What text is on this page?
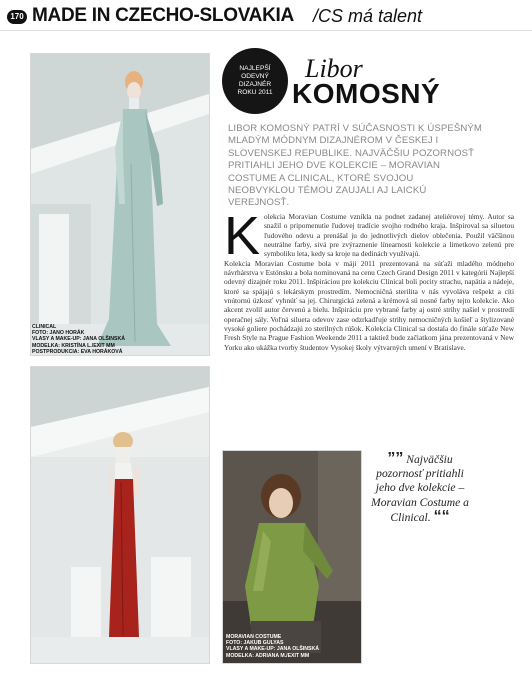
170 MADE IN CZECHO-SLOVAKIA /CS má talent
CLINICAL
FOTO: JANO HORÁK
VLASY A MAKE-UP: JANA OLŠINSKÁ
MODELKA: KRISTÍNA L./EXIT MM
POSTPRODUKCIA: EVA HORÁKOVÁ
NAJLEPŠÍ ODEVNÝ DIZAJNÉR ROKU 2011
Libor
KOMOSNÝ
LIBOR KOMOSNÝ PATRÍ V SÚČASNOSTI K ÚSPEŠNÝM MLADÝM MÓDNYM DIZAJNÉROM V ČESKEJ I SLOVENSKEJ REPUBLIKE. NAJVÄČŠIU POZORNOSŤ PRITIAHLI JEHO DVE KOLEKCIE – MORAVIAN COSTUME A CLINICAL, KTORÉ SVOJOU NEOBVYKLOU TÉMOU ZAUJALI AJ LAICKÚ VEREJNOSŤ.
K olekcia Moravian Costume vznikla na podnet zadanej ateliérovej témy. Autor sa snažil o pripomenutie ľudovej tradície svojho rodného kraja. Inšpiroval sa siluetou ľudového odevu a prenášal ju do jednotlivých dielov oblečenia. Použil väčšinou neutrálne farby, sivá pre zvýraznenie línearnosti kolekcie a limetkovo zelenú pre symboliku leta, kedy sa kroje na dedinách využívajú.

Kolekcia Moravian Costume bola v máji 2011 prezentovaná na súťaži mladého módneho návrhárstva v Estónsku a bola nominovaná na cenu Czech Grand Design 2011 v kategórii Najlepší odevný dizajnér roku 2011. Inšpiráciou pre kolekciu Clinical boli pocity strachu, napätia a nádeje, ktoré sa spájajú s lekárskym prostredím. Nemocničná sterilita v nás vyvoláva rešpekt a cíti vnútornú úzkosť vyhnúť sa jej. Chirurgická zelená a krémová sú nosné farby tejto kolekcie. Ako akcent zvolil autor červenú a bielu. Inšpiráciu pre vybrané farby aj ostré strihy našiel v prostredí operačnej sály. Voľná silueta odevov zase odzrkadľuje strihy nemocničných košieľ a štylizované vysoké goliere pochádzajú zo sterilných rúšok. Kolekcia Clinical sa dostala do finále súťaže New Fresh Style na Prague Fashion Weekende 2011 a taktiež bude začiatkom jána prezentovaná v New Yorku ako ukážka tvorby študentov Vysokej školy výtvarných umení v Bratislave.

MORAVIAN COSTUME
FOTO: JAKUB GULYAS
VLASY A MAKE-UP: JANA OLŠINSKÁ
MODELKA: ADRIANA M./EXIT MM
”” Najväčšiu pozornosť pritiahli jeho dve kolekcie – Moravian Costume a Clinical. ““
